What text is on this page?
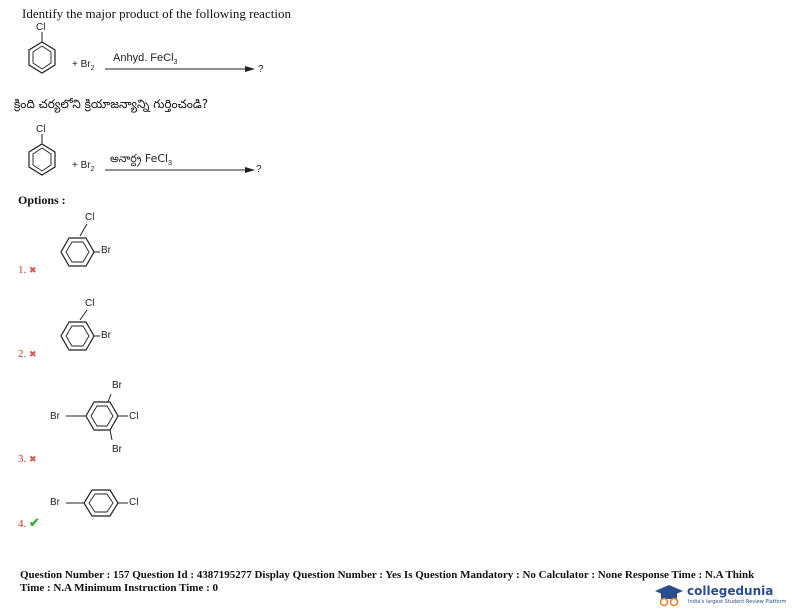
Identify the major product of the following reaction
Cl
+ $Br_2$
Anhyd. FeCl$_3$
?
క్రింది చర్యలోని క్రియాజన్యాన్ని గుర్తించండి?
Cl
+ $Br_2$
అనార్ద్ర FeCl$_3$
?
Options :
Cl
Br
1. ✖
Cl
Br
2. ✖
Br
Br	Cl
Br
3. ✖
Br	Cl
4. ✔
Question Number : 157 Question Id : 4387195277 Display Question Number : Yes Is Question Mandatory : No Calculator : None Response Time : N.A Think Time : N.A Minimum Instruction Time : 0	collegedunia
India's largest Student Review Platform
